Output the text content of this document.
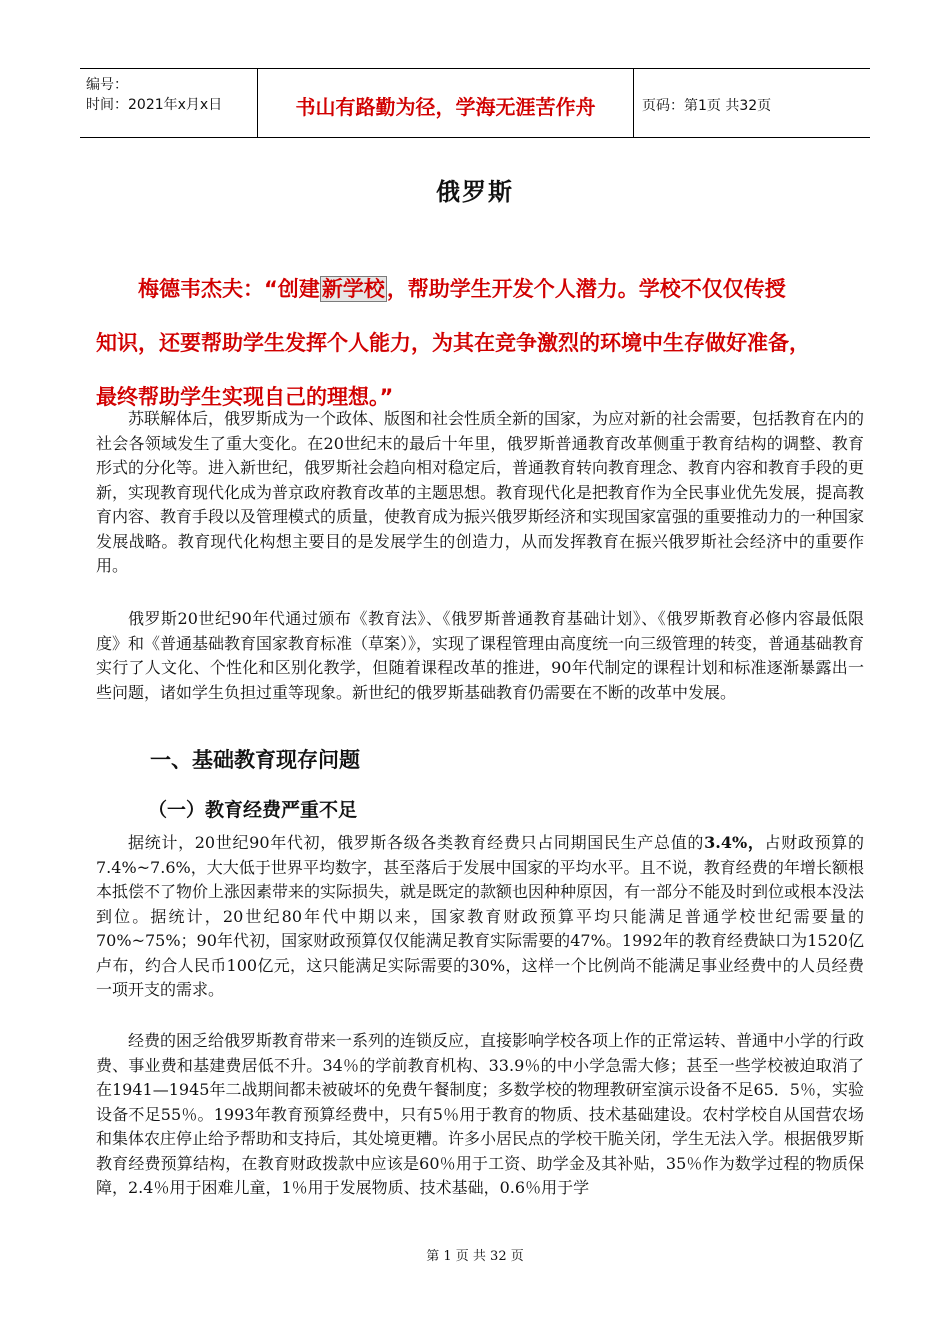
编号：
时间：2021年x月x日	书山有路勤为径，学海无涯苦作舟	页码：第1页 共32页
俄罗斯
梅德韦杰夫：“创建新学校，帮助学生开发个人潜力。学校不仅仅传授
知识，还要帮助学生发挥个人能力，为其在竞争激烈的环境中生存做好准备，
最终帮助学生实现自己的理想。”
苏联解体后，俄罗斯成为一个政体、版图和社会性质全新的国家，为应对新的社会需要，包括教育在内的社会各领域发生了重大变化。在20世纪末的最后十年里，俄罗斯普通教育改革侧重于教育结构的调整、教育形式的分化等。进入新世纪，俄罗斯社会趋向相对稳定后，普通教育转向教育理念、教育内容和教育手段的更新，实现教育现代化成为普京政府教育改革的主题思想。教育现代化是把教育作为全民事业优先发展，提高教育内容、教育手段以及管理模式的质量，使教育成为振兴俄罗斯经济和实现国家富强的重要推动力的一种国家发展战略。教育现代化构想主要目的是发展学生的创造力，从而发挥教育在振兴俄罗斯社会经济中的重要作用。
俄罗斯20世纪90年代通过颁布《教育法》、《俄罗斯普通教育基础计划》、《俄罗斯教育必修内容最低限度》和《普通基础教育国家教育标准（草案）》，实现了课程管理由高度统一向三级管理的转变，普通基础教育实行了人文化、个性化和区别化教学，但随着课程改革的推进，90年代制定的课程计划和标准逐渐暴露出一些问题，诸如学生负担过重等现象。新世纪的俄罗斯基础教育仍需要在不断的改革中发展。
一、基础教育现存问题
（一）教育经费严重不足
据统计，20世纪90年代初，俄罗斯各级各类教育经费只占同期国民生产总值的3.4%，占财政预算的7.4%~7.6%，大大低于世界平均数字，甚至落后于发展中国家的平均水平。且不说，教育经费的年增长额根本抵偿不了物价上涨因素带来的实际损失，就是既定的款额也因种种原因，有一部分不能及时到位或根本没法到位。据统计，20世纪80年代中期以来，国家教育财政预算平均只能满足普通学校世纪需要量的70%~75%；90年代初，国家财政预算仅仅能满足教育实际需要的47%。1992年的教育经费缺口为1520亿卢布，约合人民币100亿元，这只能满足实际需要的30%，这样一个比例尚不能满足事业经费中的人员经费一项开支的需求。
经费的困乏给俄罗斯教育带来一系列的连锁反应，直接影响学校各项上作的正常运转、普通中小学的行政费、事业费和基建费居低不升。34％的学前教育机构、33.9％的中小学急需大修；甚至一些学校被迫取消了在1941—1945年二战期间都未被破坏的免费午餐制度；多数学校的物理教研室演示设备不足65．5％，实验设备不足55％。1993年教育预算经费中，只有5％用于教育的物质、技术基础建设。农村学校自从国营农场和集体农庄停止给予帮助和支持后，其处境更糟。许多小居民点的学校干脆关闭，学生无法入学。根据俄罗斯教育经费预算结构，在教育财政拨款中应该是60％用于工资、助学金及其补贴，35％作为数学过程的物质保障，2.4％用于困难儿童，1％用于发展物质、技术基础，0.6％用于学
第 1 页 共 32 页
